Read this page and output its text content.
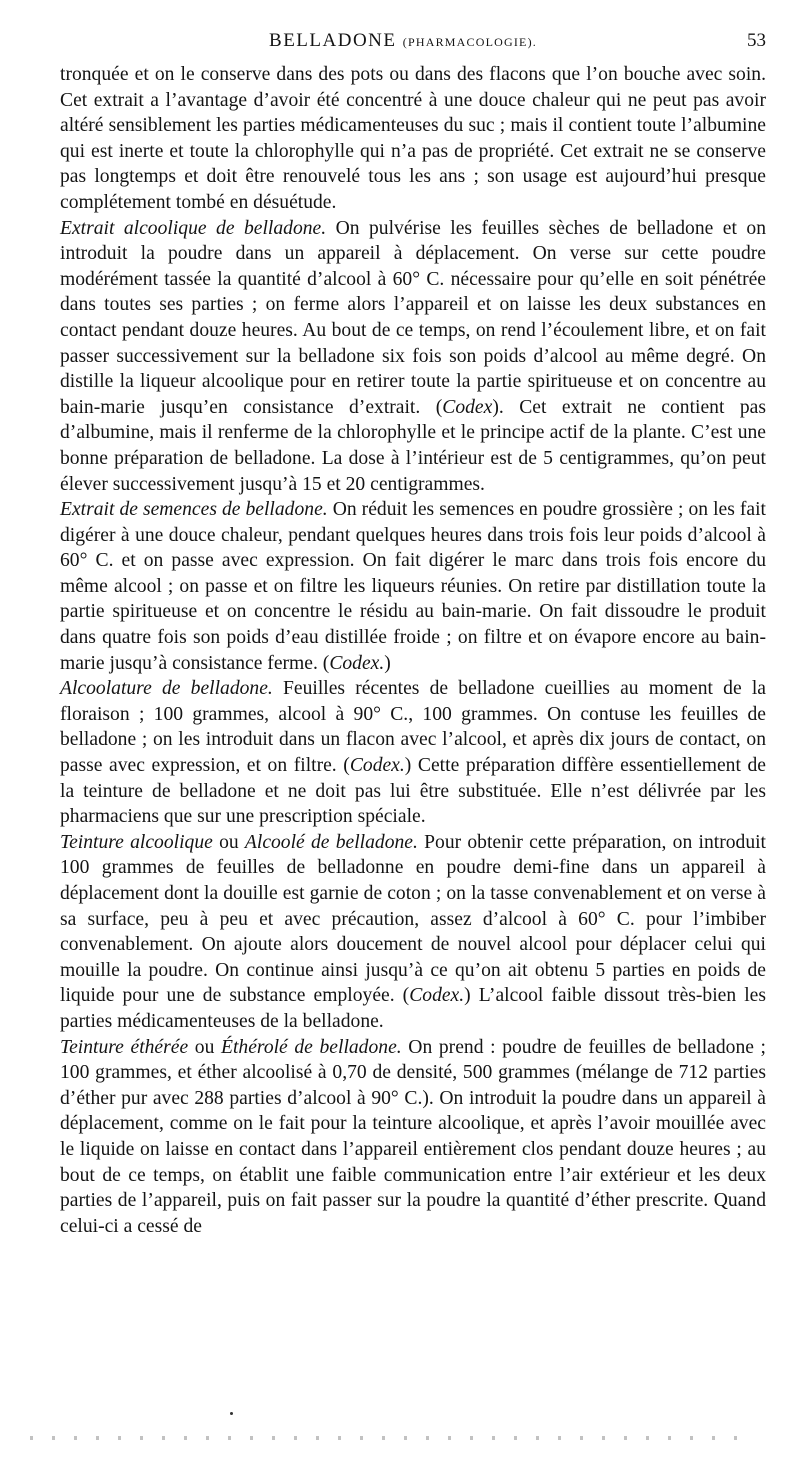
BELLADONE (PHARMACOLOGIE).	53

tronquée et on le conserve dans des pots ou dans des flacons que l’on bouche avec soin. Cet extrait a l’avantage d’avoir été concentré à une douce chaleur qui ne peut pas avoir altéré sensiblement les parties médicamenteuses du suc ; mais il contient toute l’albumine qui est inerte et toute la chlorophylle qui n’a pas de propriété. Cet extrait ne se conserve pas longtemps et doit être renouvelé tous les ans ; son usage est aujourd’hui presque complétement tombé en désuétude.

Extrait alcoolique de belladone. On pulvérise les feuilles sèches de belladone et on introduit la poudre dans un appareil à déplacement. On verse sur cette poudre modérément tassée la quantité d’alcool à 60° C. nécessaire pour qu’elle en soit pénétrée dans toutes ses parties ; on ferme alors l’appareil et on laisse les deux substances en contact pendant douze heures. Au bout de ce temps, on rend l’écoulement libre, et on fait passer successivement sur la belladone six fois son poids d’alcool au même degré. On distille la liqueur alcoolique pour en retirer toute la partie spiritueuse et on concentre au bain-marie jusqu’en consistance d’extrait. (Codex). Cet extrait ne contient pas d’albumine, mais il renferme de la chlorophylle et le principe actif de la plante. C’est une bonne préparation de belladone. La dose à l’intérieur est de 5 centigrammes, qu’on peut élever successivement jusqu’à 15 et 20 centigrammes.

Extrait de semences de belladone. On réduit les semences en poudre grossière ; on les fait digérer à une douce chaleur, pendant quelques heures dans trois fois leur poids d’alcool à 60° C. et on passe avec expression. On fait digérer le marc dans trois fois encore du même alcool ; on passe et on filtre les liqueurs réunies. On retire par distillation toute la partie spiritueuse et on concentre le résidu au bain-marie. On fait dissoudre le produit dans quatre fois son poids d’eau distillée froide ; on filtre et on évapore encore au bain-marie jusqu’à consistance ferme. (Codex.)

Alcoolature de belladone. Feuilles récentes de belladone cueillies au moment de la floraison ; 100 grammes, alcool à 90° C., 100 grammes. On contuse les feuilles de belladone ; on les introduit dans un flacon avec l’alcool, et après dix jours de contact, on passe avec expression, et on filtre. (Codex.) Cette préparation diffère essentiellement de la teinture de belladone et ne doit pas lui être substituée. Elle n’est délivrée par les pharmaciens que sur une prescription spéciale.

Teinture alcoolique ou Alcoolé de belladone. Pour obtenir cette préparation, on introduit 100 grammes de feuilles de belladonne en poudre demi-fine dans un appareil à déplacement dont la douille est garnie de coton ; on la tasse convenablement et on verse à sa surface, peu à peu et avec précaution, assez d’alcool à 60° C. pour l’imbiber convenablement. On ajoute alors doucement de nouvel alcool pour déplacer celui qui mouille la poudre. On continue ainsi jusqu’à ce qu’on ait obtenu 5 parties en poids de liquide pour une de substance employée. (Codex.) L’alcool faible dissout très-bien les parties médicamenteuses de la belladone.

Teinture éthérée ou Éthérolé de belladone. On prend : poudre de feuilles de belladone ; 100 grammes, et éther alcoolisé à 0,70 de densité, 500 grammes (mélange de 712 parties d’éther pur avec 288 parties d’alcool à 90° C.). On introduit la poudre dans un appareil à déplacement, comme on le fait pour la teinture alcoolique, et après l’avoir mouillée avec le liquide on laisse en contact dans l’appareil entièrement clos pendant douze heures ; au bout de ce temps, on établit une faible communication entre l’air extérieur et les deux parties de l’appareil, puis on fait passer sur la poudre la quantité d’éther prescrite. Quand celui-ci a cessé de
